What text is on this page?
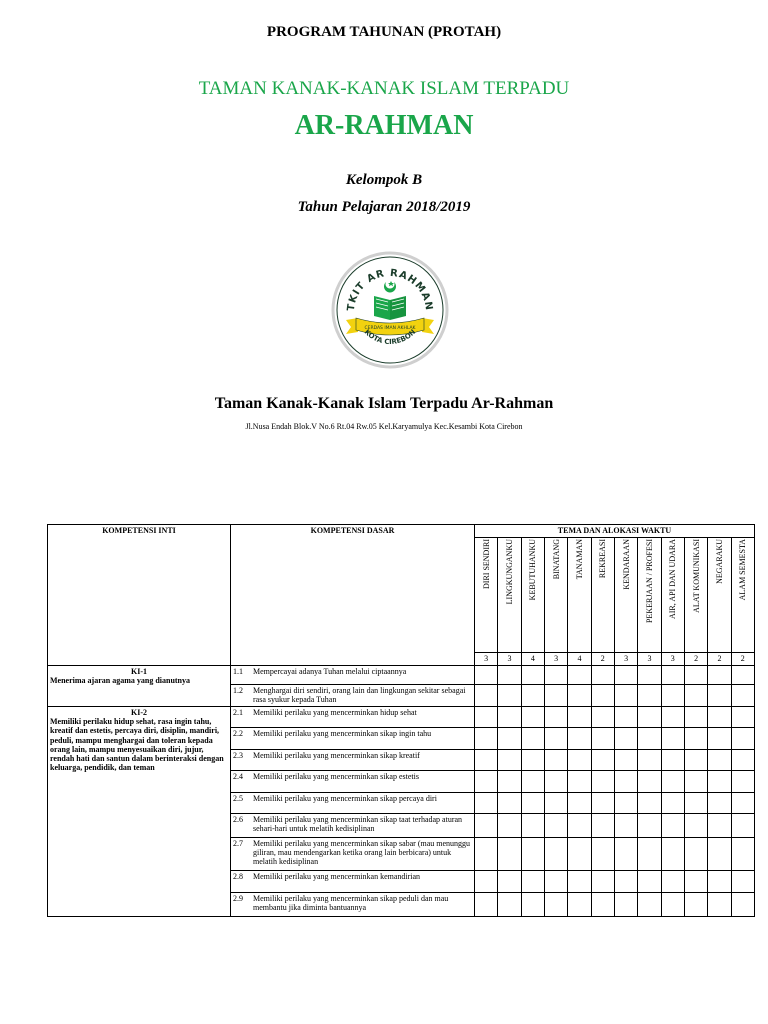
PROGRAM TAHUNAN (PROTAH)
TAMAN KANAK-KANAK ISLAM TERPADU
AR-RAHMAN
Kelompok B
Tahun Pelajaran 2018/2019
TKIT AR RAHMAN
CERDAS IMAN AKHLAK
KOTA CIREBON
Taman Kanak-Kanak Islam Terpadu Ar-Rahman
Jl.Nusa Endah Blok.V No.6 Rt.04 Rw.05 Kel.Karyamulya Kec.Kesambi Kota Cirebon
KOMPETENSI INTI	KOMPETENSI DASAR	TEMA DAN ALOKASI WAKTU											
		DIRI SENDIRI	LINGKUNGANKU	KEBUTUHANKU	BINATANG	TANAMAN	REKREASI	KENDARAAN	PEKERJAAN / PROFESI	AIR, API DAN UDARA	ALAT KOMUNIKASI	NEGARAKU	ALAM SEMESTA
		3	3	4	3	4	2	3	3	3	2	2	2

KI-1
Menerima ajaran agama yang dianutnya	1.1 Mempercayai adanya Tuhan melalui ciptaannya												

	1.2 Menghargai diri sendiri, orang lain dan lingkungan sekitar sebagai rasa syukur kepada Tuhan												

KI-2
Memiliki perilaku hidup sehat, rasa ingin tahu, kreatif dan estetis, percaya diri, disiplin, mandiri, peduli, mampu menghargai dan toleran kepada orang lain, mampu menyesuaikan diri, jujur, rendah hati dan santun dalam berinteraksi dengan keluarga, pendidik, dan teman	2.1 Memiliki perilaku yang mencerminkan hidup sehat												

	2.2 Memiliki perilaku yang mencerminkan sikap ingin tahu												

	2.3 Memiliki perilaku yang mencerminkan sikap kreatif												

	2.4 Memiliki perilaku yang mencerminkan sikap estetis												

	2.5 Memiliki perilaku yang mencerminkan sikap percaya diri												

	2.6 Memiliki perilaku yang mencerminkan sikap taat terhadap aturan sehari-hari untuk melatih kedisiplinan												

	2.7 Memiliki perilaku yang mencerminkan sikap sabar (mau menunggu giliran, mau mendengarkan ketika orang lain berbicara) untuk melatih kedisiplinan												

	2.8 Memiliki perilaku yang mencerminkan kemandirian												

	2.9 Memiliki perilaku yang mencerminkan sikap peduli dan mau membantu jika diminta bantuannya												
